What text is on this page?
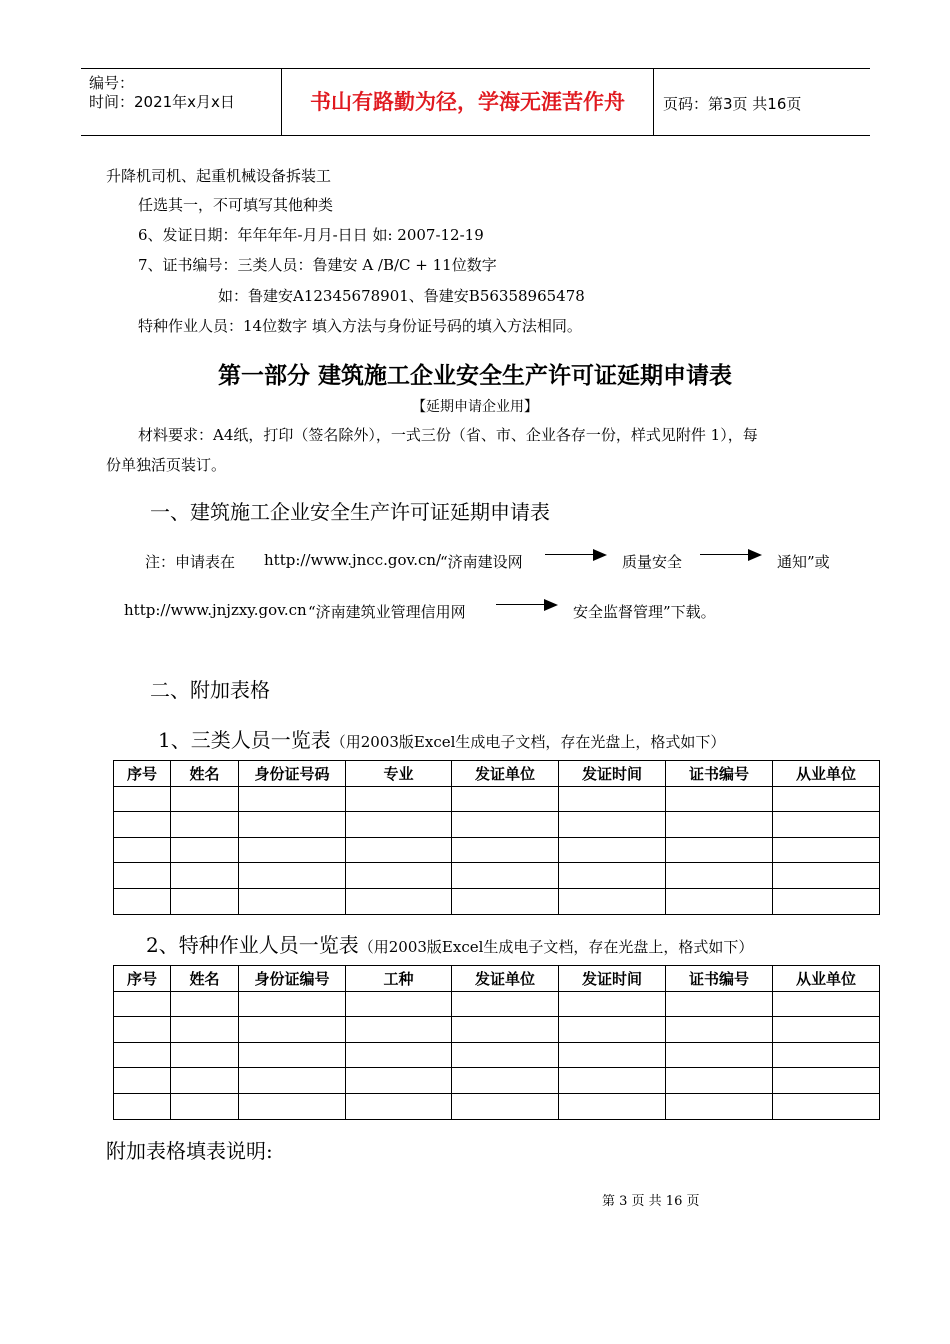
编号：
时间：2021年x月x日	书山有路勤为径，学海无涯苦作舟	页码：第3页 共16页
升降机司机、起重机械设备拆装工
任选其一，不可填写其他种类
6、发证日期：年年年年-月月-日日 如: 2007-12-19
7、证书编号：三类人员：鲁建安 A /B/C + 11位数字
如：鲁建安A12345678901、鲁建安B56358965478
特种作业人员：14位数字 填入方法与身份证号码的填入方法相同。
第一部分 建筑施工企业安全生产许可证延期申请表
【延期申请企业用】
材料要求：A4纸，打印（签名除外），一式三份（省、市、企业各存一份，样式见附件 1），每
份单独活页装订。
一、建筑施工企业安全生产许可证延期申请表
注：申请表在 http://www.jncc.gov.cn/
“济南建设网	质量安全	通知”或
http://www.jnjzxy.gov.cn “济南建筑业管理信用网	安全监督管理”下载。
二、附加表格
1、三类人员一览表（用2003版Excel生成电子文档，存在光盘上，格式如下）
序号	姓名	身份证号码	专业	发证单位	发证时间	证书编号	从业单位

2、特种作业人员一览表（用2003版Excel生成电子文档，存在光盘上，格式如下）
序号	姓名	身份证编号	工种	发证单位	发证时间	证书编号	从业单位

附加表格填表说明:
第 3 页 共 16 页
